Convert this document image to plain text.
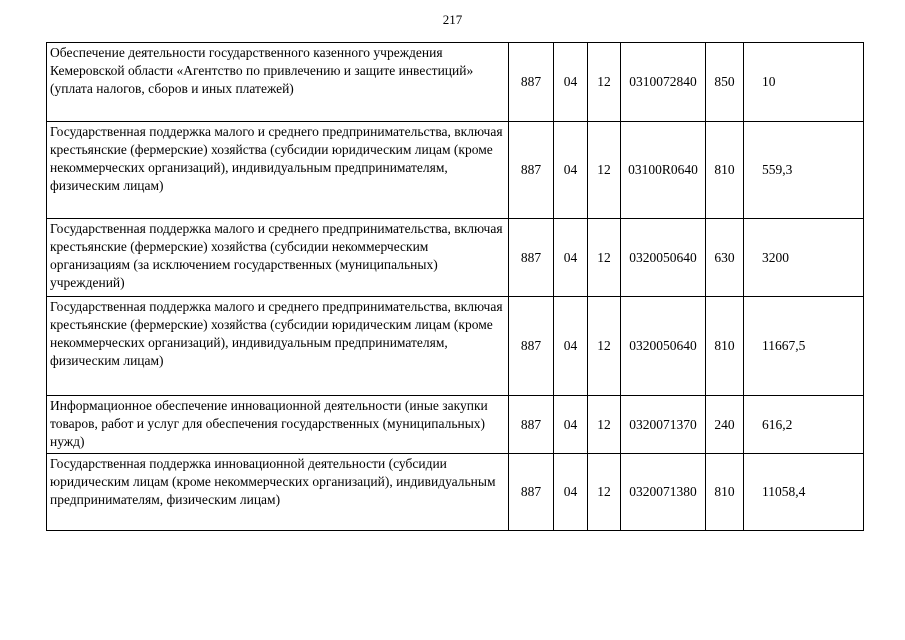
217
Обеспечение деятельности государственного казенного учреждения Кемеровской области «Агентство по привлечению и защите инвестиций» (уплата налогов, сборов и иных платежей)	887	04	12	0310072840	850	10
Государственная поддержка малого и среднего предпринимательства, включая крестьянские (фермерские) хозяйства (субсидии юридическим лицам (кроме некоммерческих организаций), индивидуальным предпринимателям, физическим лицам)	887	04	12	03100R0640	810	559,3
Государственная поддержка малого и среднего предпринимательства, включая крестьянские (фермерские) хозяйства (субсидии некоммерческим организациям (за исключением государственных (муниципальных) учреждений)	887	04	12	0320050640	630	3200
Государственная поддержка малого и среднего предпринимательства, включая крестьянские (фермерские) хозяйства (субсидии юридическим лицам (кроме некоммерческих организаций), индивидуальным предпринимателям, физическим лицам)	887	04	12	0320050640	810	11667,5
Информационное обеспечение инновационной деятельности (иные закупки товаров, работ и услуг для обеспечения государственных (муниципальных) нужд)	887	04	12	0320071370	240	616,2
Государственная поддержка инновационной деятельности (субсидии юридическим лицам (кроме некоммерческих организаций), индивидуальным предпринимателям, физическим лицам)	887	04	12	0320071380	810	11058,4
